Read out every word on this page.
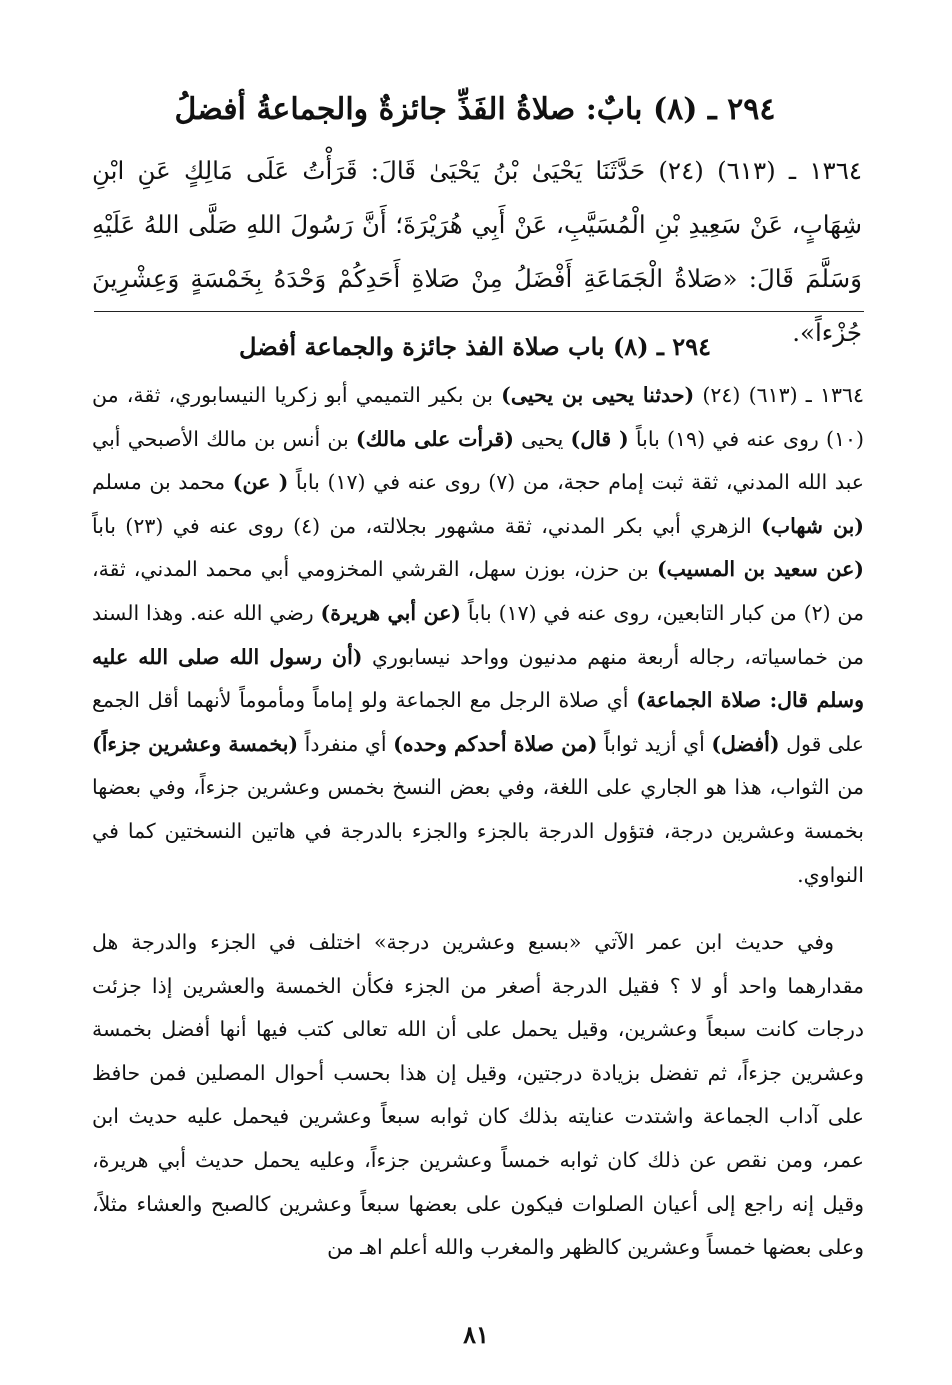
٢٩٤ ـ (٨) بابٌ: صلاةُ الفَذِّ جائزةٌ والجماعةُ أفضلُ
١٣٦٤ ـ (٦١٣) (٢٤) حَدَّثَنَا يَحْيَىٰ بْنُ يَحْيَىٰ قَالَ: قَرَأْتُ عَلَى مَالِكٍ عَنِ ابْنِ شِهَابٍ، عَنْ سَعِيدِ بْنِ الْمُسَيَّبِ، عَنْ أَبِي هُرَيْرَةَ؛ أَنَّ رَسُولَ اللهِ صَلَّى اللهُ عَلَيْهِ وَسَلَّمَ قَالَ: «صَلاةُ الْجَمَاعَةِ أَفْضَلُ مِنْ صَلاةِ أَحَدِكُمْ وَحْدَهُ بِخَمْسَةٍ وَعِشْرِينَ جُزْءاً».
٢٩٤ ـ (٨) باب صلاة الفذ جائزة والجماعة أفضل
١٣٦٤ ـ (٦١٣) (٢٤) (حدثنا يحيى بن يحيى) بن بكير التميمي أبو زكريا النيسابوري، ثقة، من (١٠) روى عنه في (١٩) باباً ( قال) يحيى (قرأت على مالك) بن أنس بن مالك الأصبحي أبي عبد الله المدني، ثقة ثبت إمام حجة، من (٧) روى عنه في (١٧) باباً ( عن) محمد بن مسلم (بن شهاب) الزهري أبي بكر المدني، ثقة مشهور بجلالته، من (٤) روى عنه في (٢٣) باباً (عن سعيد بن المسيب) بن حزن، بوزن سهل، القرشي المخزومي أبي محمد المدني، ثقة، من (٢) من كبار التابعين، روى عنه في (١٧) باباً (عن أبي هريرة) رضي الله عنه. وهذا السند من خماسياته، رجاله أربعة منهم مدنيون وواحد نيسابوري (أن رسول الله صلى الله عليه وسلم قال: صلاة الجماعة) أي صلاة الرجل مع الجماعة ولو إماماً ومأموماً لأنهما أقل الجمع على قول (أفضل) أي أزيد ثواباً (من صلاة أحدكم وحده) أي منفرداً (بخمسة وعشرين جزءاً) من الثواب، هذا هو الجاري على اللغة، وفي بعض النسخ بخمس وعشرين جزءاً، وفي بعضها بخمسة وعشرين درجة، فتؤول الدرجة بالجزء والجزء بالدرجة في هاتين النسختين كما في النواوي.
وفي حديث ابن عمر الآتي «بسبع وعشرين درجة» اختلف في الجزء والدرجة هل مقدارهما واحد أو لا ؟ فقيل الدرجة أصغر من الجزء فكأن الخمسة والعشرين إذا جزئت درجات كانت سبعاً وعشرين، وقيل يحمل على أن الله تعالى كتب فيها أنها أفضل بخمسة وعشرين جزءاً، ثم تفضل بزيادة درجتين، وقيل إن هذا بحسب أحوال المصلين فمن حافظ على آداب الجماعة واشتدت عنايته بذلك كان ثوابه سبعاً وعشرين فيحمل عليه حديث ابن عمر، ومن نقص عن ذلك كان ثوابه خمساً وعشرين جزءاً، وعليه يحمل حديث أبي هريرة، وقيل إنه راجع إلى أعيان الصلوات فيكون على بعضها سبعاً وعشرين كالصبح والعشاء مثلاً، وعلى بعضها خمساً وعشرين كالظهر والمغرب والله أعلم اهـ من
٨١
